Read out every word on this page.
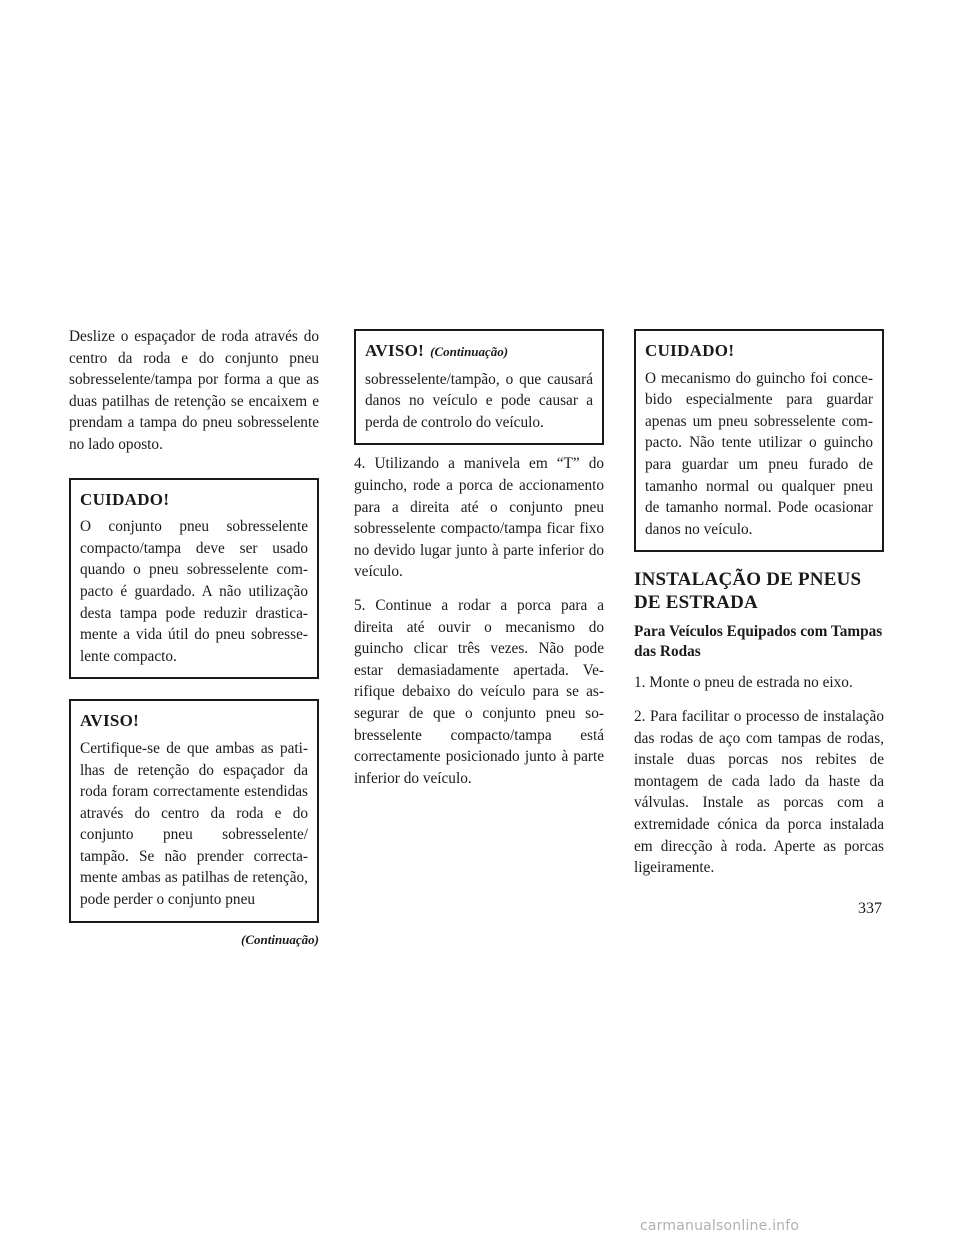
Deslize o espaçador de roda através do centro da roda e do conjunto pneu sobresselente/tampa por forma a que as duas patilhas de retenção se encaixem e prendam a tampa do pneu sobresselente no lado oposto.

CUIDADO!

O conjunto pneu sobresselente compacto/tampa deve ser usado quando o pneu sobresselente compacto é guardado. A não utilização desta tampa pode reduzir drasticamente a vida útil do pneu sobresselente compacto.

AVISO!

Certifique-se de que ambas as patilhas de retenção do espaçador da roda foram correctamente estendidas através do centro da roda e do conjunto pneu sobresselente/ tampão. Se não prender correctamente ambas as patilhas de retenção, pode perder o conjunto pneu

(Continuação)
AVISO! (Continuação)

sobresselente/tampão, o que causará danos no veículo e pode causar a perda de controlo do veículo.

4. Utilizando a manivela em “T” do guincho, rode a porca de accionamento para a direita até o conjunto pneu sobresselente compacto/tampa ficar fixo no devido lugar junto à parte inferior do veículo.

5. Continue a rodar a porca para a direita até ouvir o mecanismo do guincho clicar três vezes. Não pode estar demasiadamente apertada. Verifique debaixo do veículo para se assegurar de que o conjunto pneu sobresselente compacto/tampa está correctamente posicionado junto à parte inferior do veículo.

CUIDADO!

O mecanismo do guincho foi concebido especialmente para guardar apenas um pneu sobresselente compacto. Não tente utilizar o guincho para guardar um pneu furado de tamanho normal ou qualquer pneu de tamanho normal. Pode ocasionar danos no veículo.

INSTALAÇÃO DE PNEUS DE ESTRADA
Para Veículos Equipados com Tampas das Rodas

1. Monte o pneu de estrada no eixo.

2. Para facilitar o processo de instalação das rodas de aço com tampas de rodas, instale duas porcas nos rebites de montagem de cada lado da haste da válvulas. Instale as porcas com a extremidade cónica da porca instalada em direcção à roda. Aperte as porcas ligeiramente.

337
carmanualsonline.info
